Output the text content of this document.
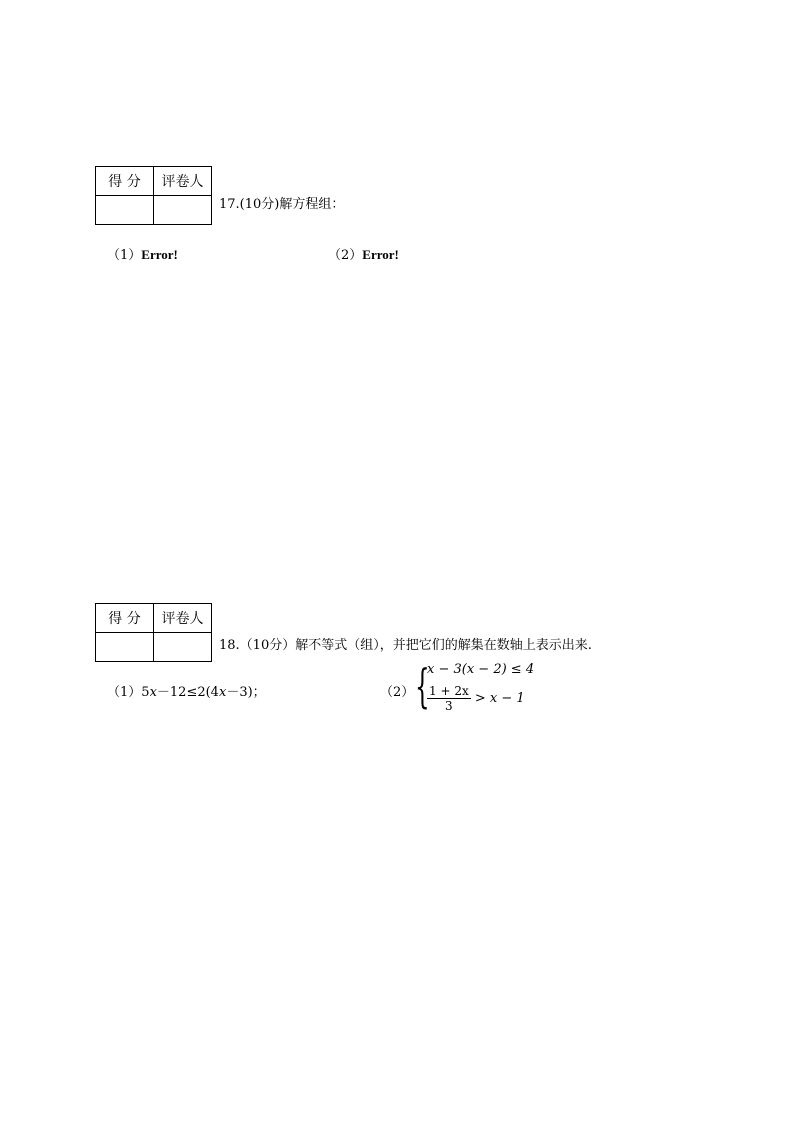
得 分	评卷人

17.(10分)解方程组：
（1）Error!	（2）Error!
得 分	评卷人

18.（10分）解不等式（组），并把它们的解集在数轴上表示出来.
（1）5x－12≤2(4x－3)；	（2） {
x − 3(x − 2) ≤ 4
$\frac{1 + 2x}{3} > x - 1$
